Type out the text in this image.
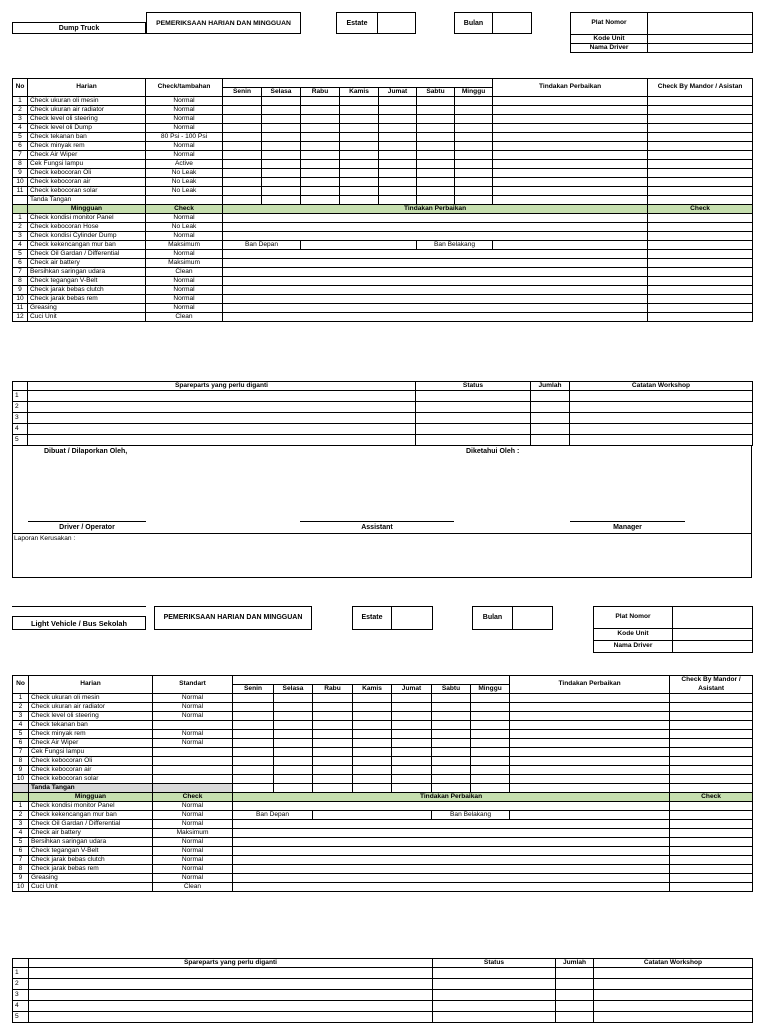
Dump Truck
PEMERIKSAAN HARIAN DAN MINGGUAN	Estate	Bulan	Plat Nomor	
Kode Unit	
Nama Driver	
No	Harian	Check/tambahan								Tindakan Perbaikan	Check By Mandor / Asistan
			Senin	Selasa	Rabu	Kamis	Jumat	Sabtu	Minggu		
1	Check ukuran oli mesin	Normal									
2	Check ukuran air radiator	Normal									
3	Check level oli steering	Normal									
4	Check level oli Dump	Normal									
5	Check tekanan ban	80 Psi - 100 Psi									
6	Check minyak rem	Normal									
7	Check Air Wiper	Normal									
8	Cek Fungsi lampu	Active									
9	Check kebocoran Oli	No Leak									
10	Check kebocoran air	No Leak									
11	Check kebocoran solar	No Leak									
	Tanda Tangan										
	Mingguan	Check	Tindakan Perbaikan								Check
1	Check kondisi monitor Panel	Normal									
2	Check kebocoran Hose	No Leak									
3	Check kondisi Cylinder Dump	Normal									
4	Check kekencangan mur ban	Maksimum	Ban Depan					Ban Belakang			
5	Check Oil Gardan / Differential	Normal									
6	Check air battery	Maksimum									
7	Bersihkan saringan udara	Clean									
8	Check tegangan V-Belt	Normal									
9	Check jarak bebas clutch	Normal									
10	Check jarak bebas rem	Normal									
11	Greasing	Normal									
12	Cuci Unit	Clean									
	Spareparts yang perlu diganti	Status	Jumlah	Catatan Workshop
1				
2				
3				
4				
5				
Dibuat / Dilaporkan Oleh,	Diketahui Oleh :
Driver / Operator	Assistant	Manager
Laporan Kerusakan :
Light Vehicle / Bus Sekolah
PEMERIKSAAN HARIAN DAN MINGGUAN	Estate	Bulan	Plat Nomor	
Kode Unit	
Nama Driver	
No	Harian	Standart								Tindakan Perbaikan	Check By Mandor / Asistant
			Senin	Selasa	Rabu	Kamis	Jumat	Sabtu	Minggu		
1	Check ukuran oli mesin	Normal									
2	Check ukuran air radiator	Normal									
3	Check level oli steering	Normal									
4	Check tekanan ban										
5	Check minyak rem	Normal									
6	Check Air Wiper	Normal									
7	Cek Fungsi lampu										
8	Check kebocoran Oli										
9	Check kebocoran air										
10	Check kebocoran solar										
	Tanda Tangan										
	Mingguan	Check	Tindakan Perbaikan								Check
1	Check kondisi monitor Panel	Normal									
2	Check kekencangan mur ban	Normal	Ban Depan					Ban Belakang			
3	Check Oil Gardan / Differential	Normal									
4	Check air battery	Maksimum									
5	Bersihkan saringan udara	Normal									
6	Check tegangan V-Belt	Normal									
7	Check jarak bebas clutch	Normal									
8	Check jarak bebas rem	Normal									
9	Greasing	Normal									
10	Cuci Unit	Clean									
	Spareparts yang perlu diganti	Status	Jumlah	Catatan Workshop
1				
2				
3				
4				
5				
